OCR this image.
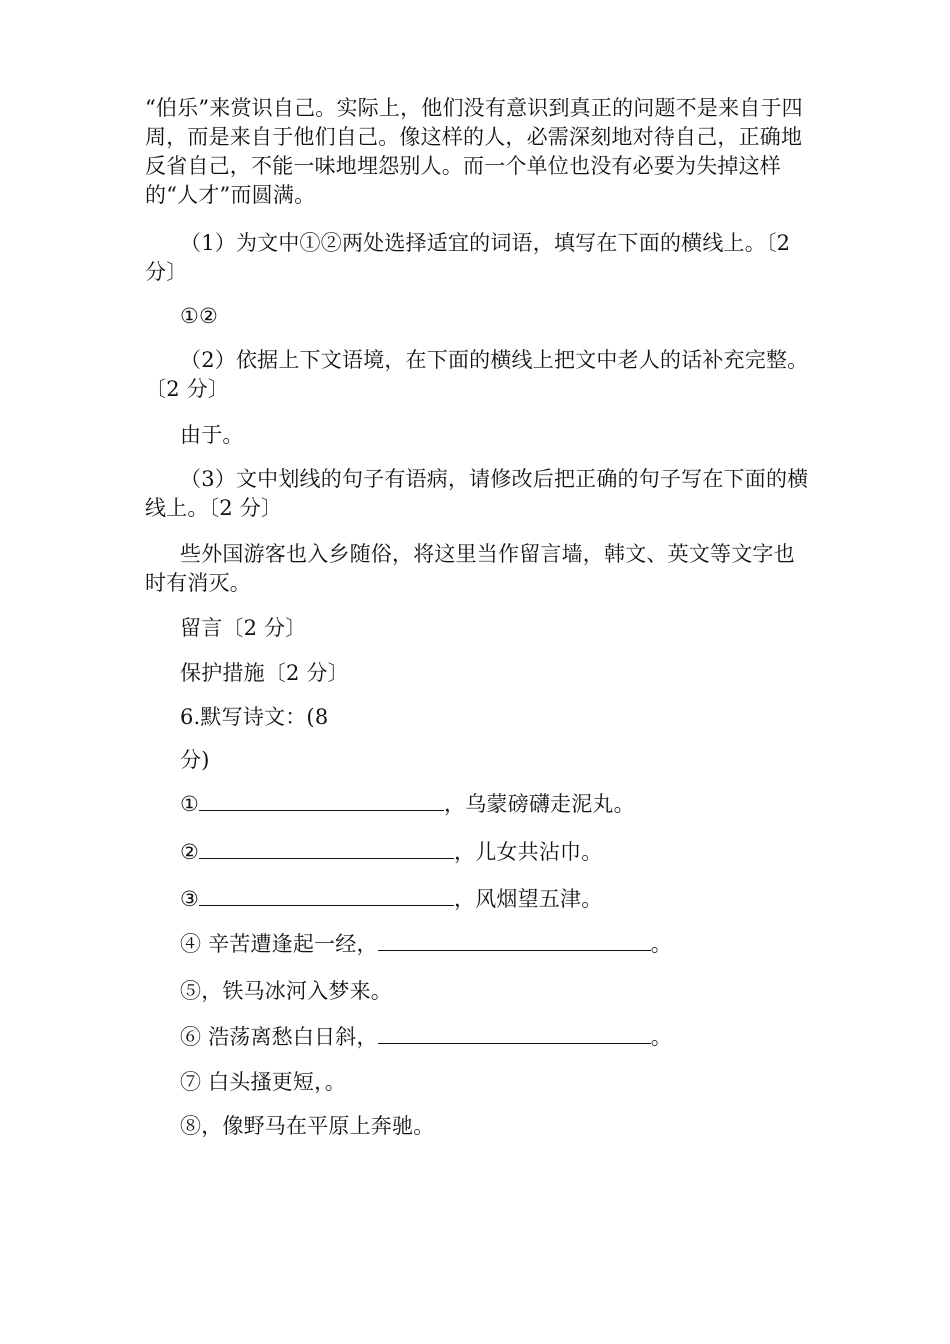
“伯乐”来赏识自己。实际上，他们没有意识到真正的问题不是来自于四周，而是来自于他们自己。像这样的人，必需深刻地对待自己，正确地反省自己，不能一味地埋怨别人。而一个单位也没有必要为失掉这样的“人才”而圆满。
（1）为文中①②两处选择适宜的词语，填写在下面的横线上。〔2 分〕
①②
（2）依据上下文语境，在下面的横线上把文中老人的话补充完整。〔2 分〕
由于。
（3）文中划线的句子有语病，请修改后把正确的句子写在下面的横线上。〔2 分〕
些外国游客也入乡随俗，将这里当作留言墙，韩文、英文等文字也时有消灭。
留言〔2 分〕
保护措施〔2 分〕
6.默写诗文：(8
分)
①	，乌蒙磅礴走泥丸。
②	，儿女共沾巾。
③	，风烟望五津。
④ 辛苦遭逢起一经，	。
⑤，铁马冰河入梦来。
⑥ 浩荡离愁白日斜，	。
⑦ 白头搔更短，。
⑧，像野马在平原上奔驰。
